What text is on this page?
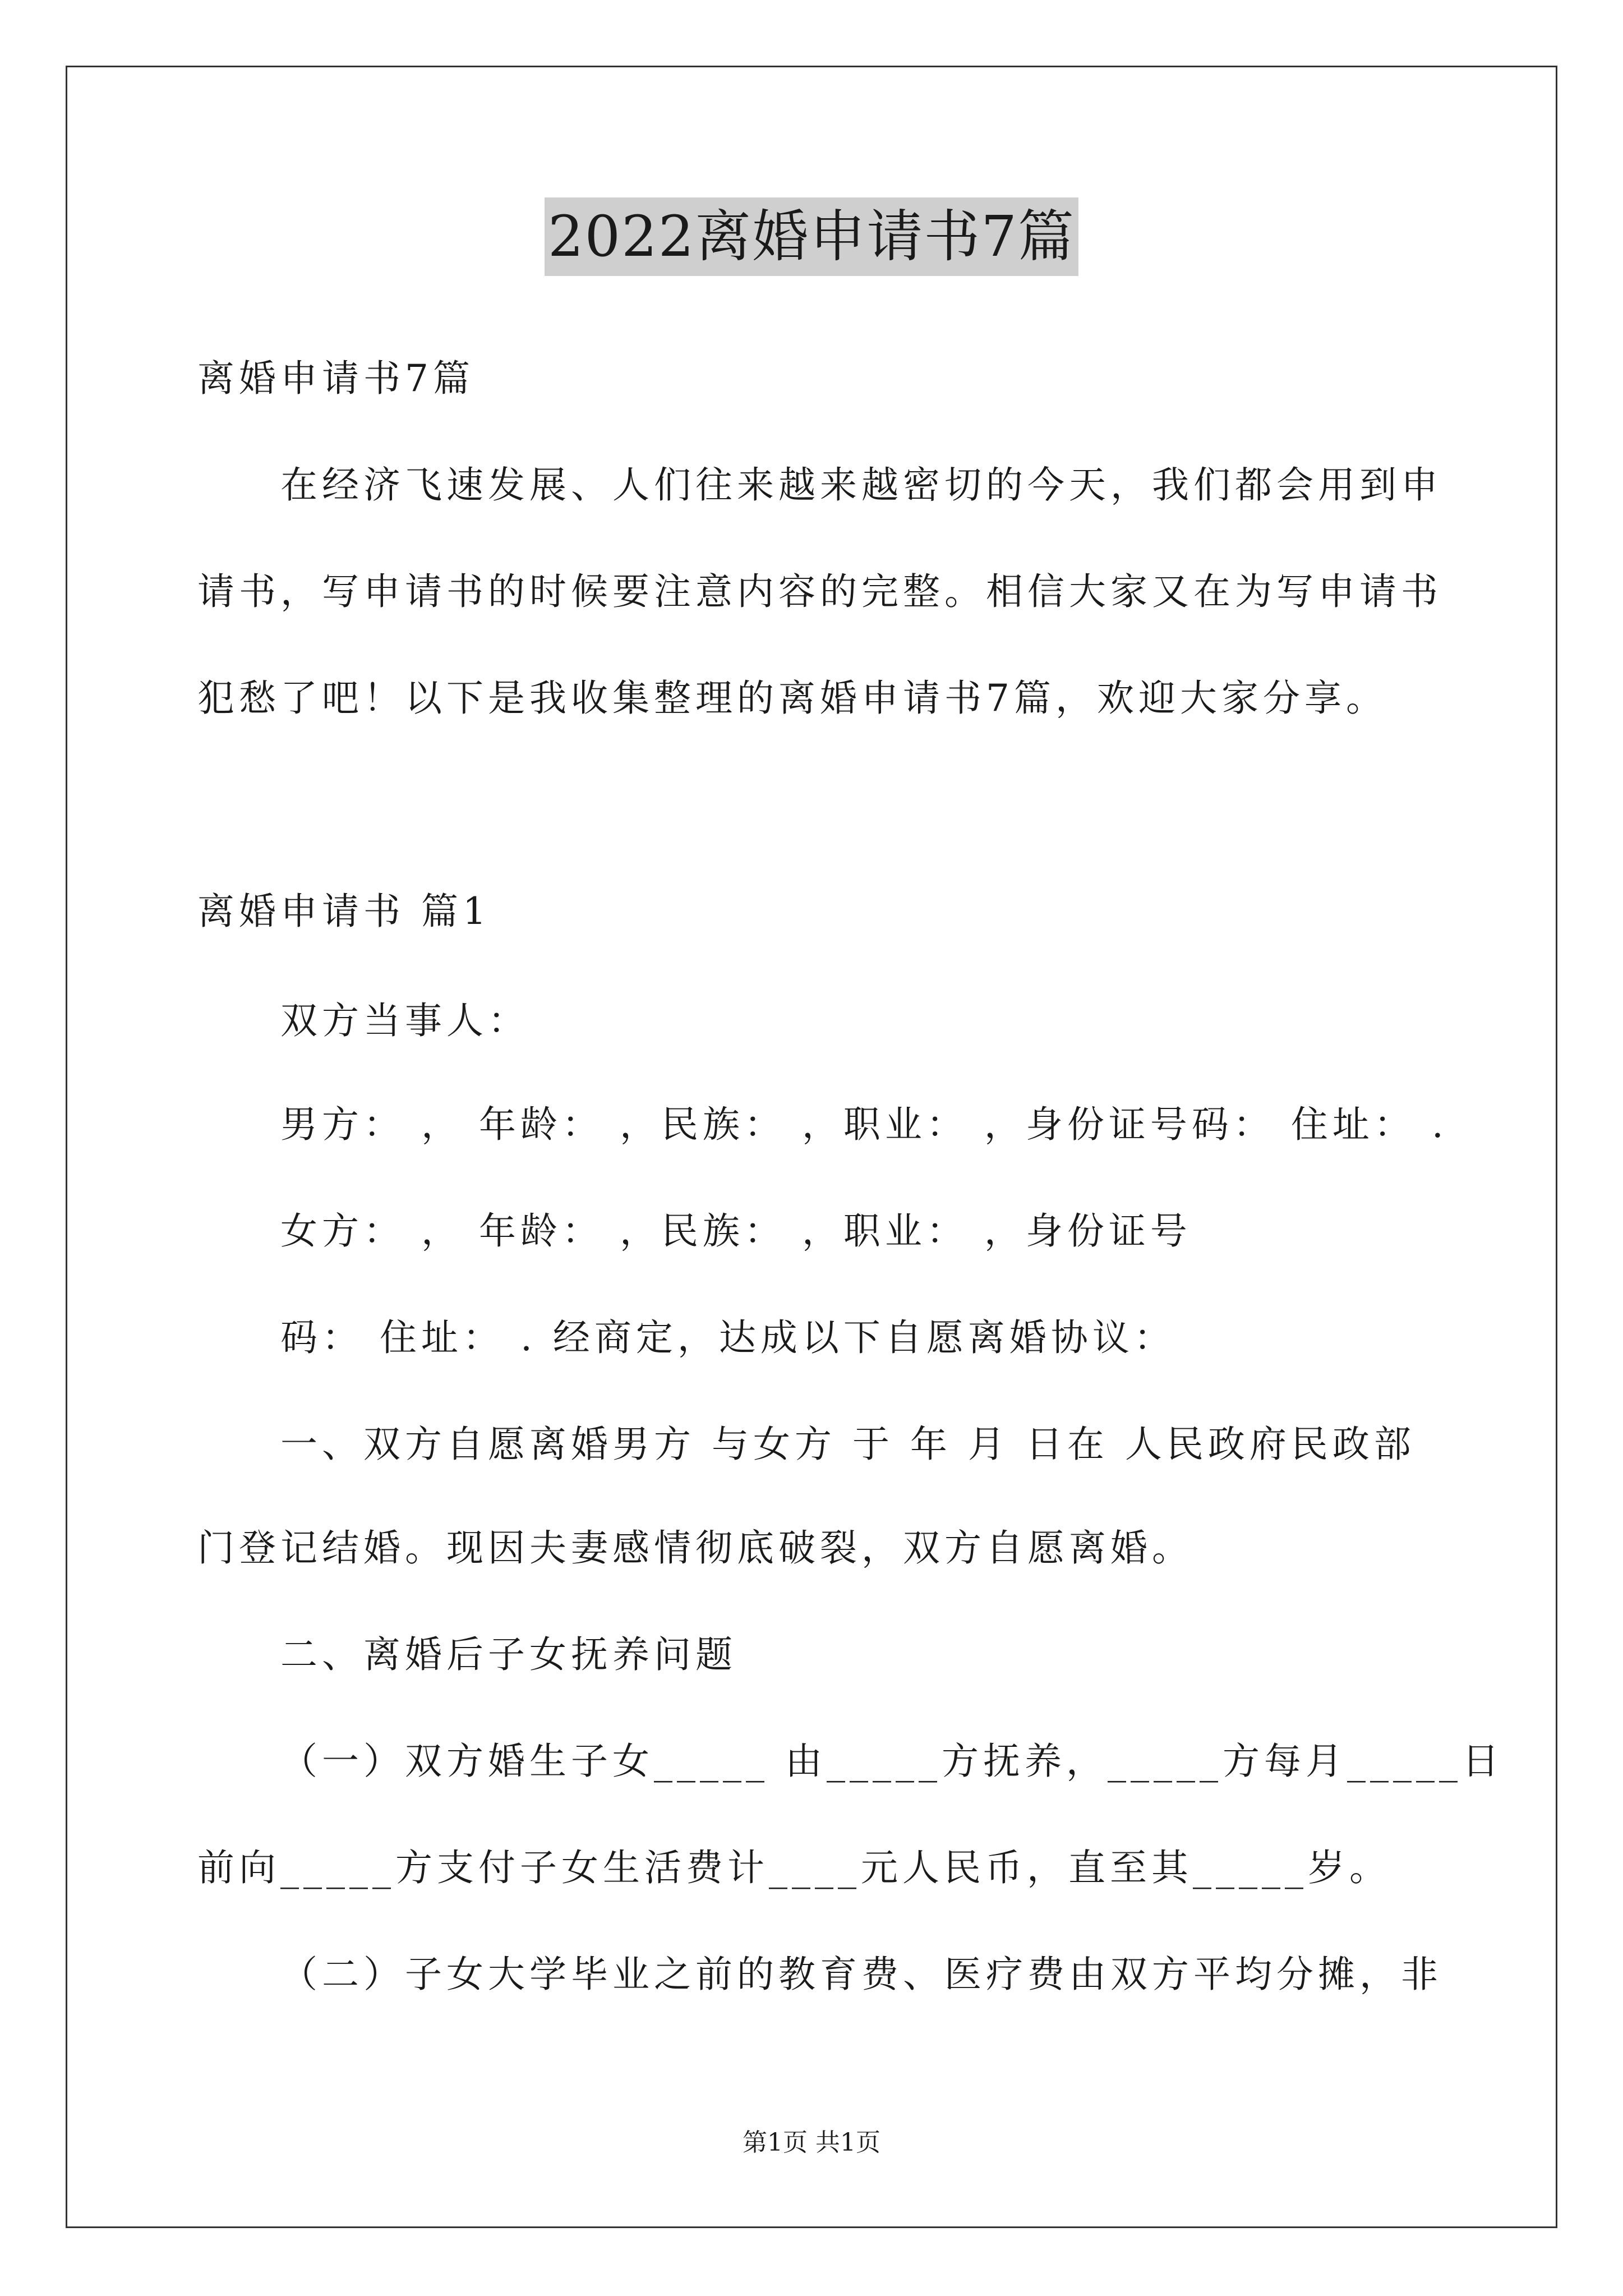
2022离婚申请书7篇
离婚申请书7篇
在经济飞速发展、人们往来越来越密切的今天，我们都会用到申
请书，写申请书的时候要注意内容的完整。相信大家又在为写申请书
犯愁了吧！以下是我收集整理的离婚申请书7篇，欢迎大家分享。
离婚申请书 篇1
双方当事人：
男方： ， 年龄： ，民族： ，职业： ，身份证号码： 住址： .
女方： ， 年龄： ，民族： ，职业： ，身份证号
码： 住址： . 经商定，达成以下自愿离婚协议：
一、双方自愿离婚男方 与女方 于 年 月 日在 人民政府民政部
门登记结婚。现因夫妻感情彻底破裂，双方自愿离婚。
二、离婚后子女抚养问题
（一）双方婚生子女_____ 由_____方抚养，_____方每月_____日
前向_____方支付子女生活费计____元人民币，直至其_____岁。
（二）子女大学毕业之前的教育费、医疗费由双方平均分摊，非
第1页 共1页
